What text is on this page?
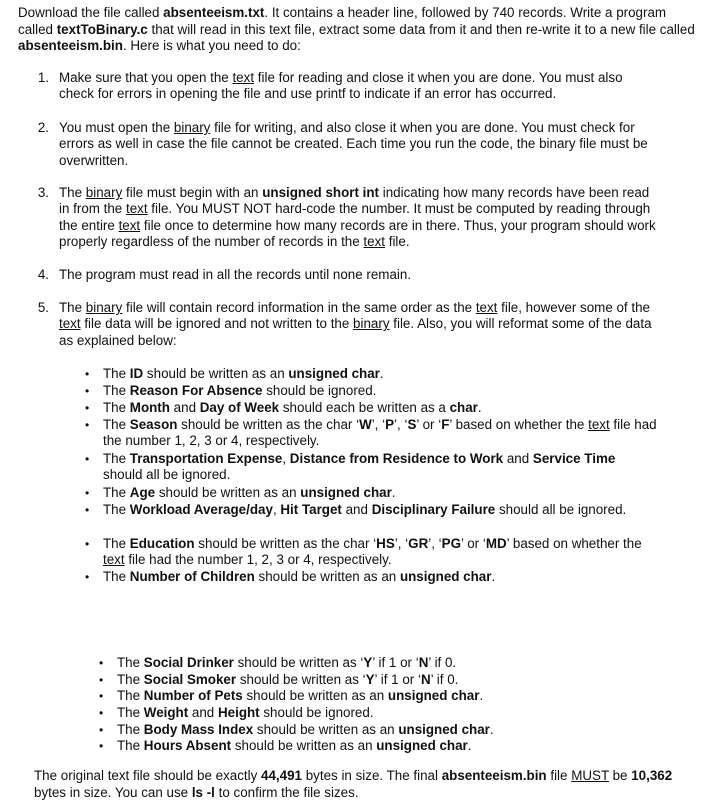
Download the file called absenteeism.txt. It contains a header line, followed by 740 records. Write a program called textToBinary.c that will read in this text file, extract some data from it and then re-write it to a new file called absenteeism.bin. Here is what you need to do:

1. Make sure that you open the text file for reading and close it when you are done. You must also check for errors in opening the file and use printf to indicate if an error has occurred.

2. You must open the binary file for writing, and also close it when you are done. You must check for errors as well in case the file cannot be created. Each time you run the code, the binary file must be overwritten.

3. The binary file must begin with an unsigned short int indicating how many records have been read in from the text file. You MUST NOT hard-code the number. It must be computed by reading through the entire text file once to determine how many records are in there. Thus, your program should work properly regardless of the number of records in the text file.

4. The program must read in all the records until none remain.

5. The binary file will contain record information in the same order as the text file, however some of the text file data will be ignored and not written to the binary file. Also, you will reformat some of the data as explained below:

• The ID should be written as an unsigned char.

• The Reason For Absence should be ignored.

• The Month and Day of Week should each be written as a char.

• The Season should be written as the char ‘W’, ‘P’, ‘S’ or ‘F’ based on whether the text file had the number 1, 2, 3 or 4, respectively.

• The Transportation Expense, Distance from Residence to Work and Service Time should all be ignored.

• The Age should be written as an unsigned char.

• The Workload Average/day, Hit Target and Disciplinary Failure should all be ignored.

• The Education should be written as the char ‘HS’, ‘GR’, ‘PG’ or ‘MD’ based on whether the text file had the number 1, 2, 3 or 4, respectively.

• The Number of Children should be written as an unsigned char.

• The Social Drinker should be written as ‘Y’ if 1 or ‘N’ if 0.

• The Social Smoker should be written as ‘Y’ if 1 or ‘N’ if 0.

• The Number of Pets should be written as an unsigned char.

• The Weight and Height should be ignored.

• The Body Mass Index should be written as an unsigned char.

• The Hours Absent should be written as an unsigned char.

The original text file should be exactly 44,491 bytes in size. The final absenteeism.bin file MUST be 10,362 bytes in size. You can use ls -l to confirm the file sizes.
